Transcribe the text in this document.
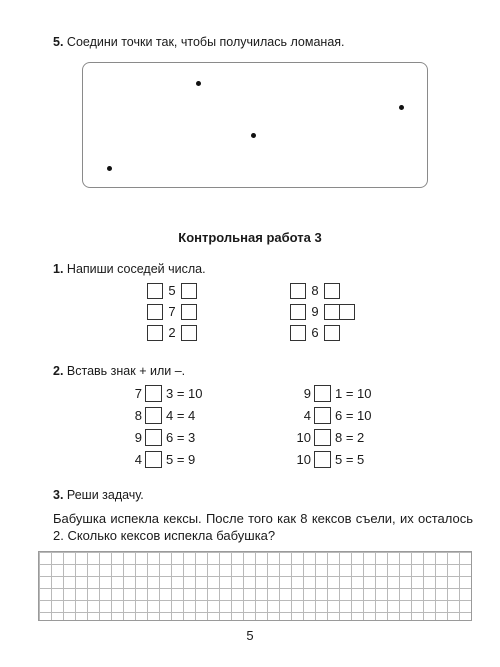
5. Соедини точки так, чтобы получилась ломаная.
Контрольная работа 3
1. Напиши соседей числа.
5
7
2
8
9
6
2. Вставь знак + или –.
7 3 = 10
8 4 = 4
9 6 = 3
4 5 = 9
9 1 = 10
4 6 = 10
10 8 = 2
10 5 = 5
3. Реши задачу.
Бабушка испекла кексы. После того как 8 кексов съели, их осталось 2. Сколько кексов испекла бабушка?
5
